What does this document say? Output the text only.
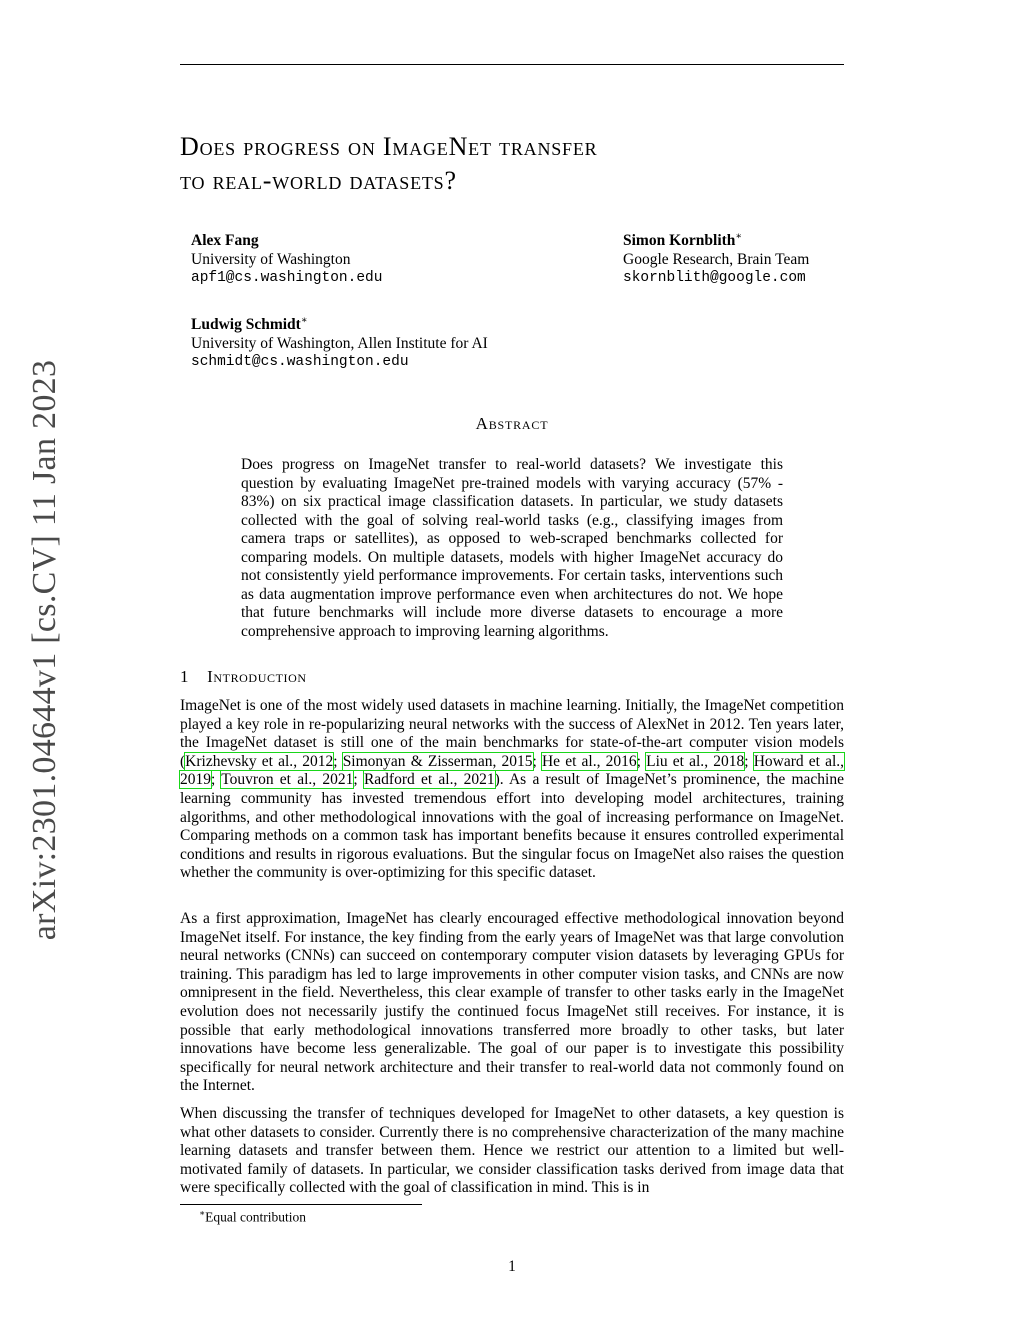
arXiv:2301.04644v1 [cs.CV] 11 Jan 2023
Does progress on ImageNet transfer
to real-world datasets?
Alex Fang
University of Washington
apf1@cs.washington.edu
Simon Kornblith∗
Google Research, Brain Team
skornblith@google.com
Ludwig Schmidt∗
University of Washington, Allen Institute for AI
schmidt@cs.washington.edu
Abstract

Does progress on ImageNet transfer to real-world datasets? We investigate this question by evaluating ImageNet pre-trained models with varying accuracy (57% - 83%) on six practical image classification datasets. In particular, we study datasets collected with the goal of solving real-world tasks (e.g., classifying images from camera traps or satellites), as opposed to web-scraped benchmarks collected for comparing models. On multiple datasets, models with higher ImageNet accuracy do not consistently yield performance improvements. For certain tasks, interventions such as data augmentation improve performance even when architectures do not. We hope that future benchmarks will include more diverse datasets to encourage a more comprehensive approach to improving learning algorithms.

1 Introduction

ImageNet is one of the most widely used datasets in machine learning. Initially, the ImageNet competition played a key role in re-popularizing neural networks with the success of AlexNet in 2012. Ten years later, the ImageNet dataset is still one of the main benchmarks for state-of-the-art computer vision models (Krizhevsky et al., 2012; Simonyan & Zisserman, 2015; He et al., 2016; Liu et al., 2018; Howard et al., 2019; Touvron et al., 2021; Radford et al., 2021). As a result of ImageNet’s prominence, the machine learning community has invested tremendous effort into developing model architectures, training algorithms, and other methodological innovations with the goal of increasing performance on ImageNet. Comparing methods on a common task has important benefits because it ensures controlled experimental conditions and results in rigorous evaluations. But the singular focus on ImageNet also raises the question whether the community is over-optimizing for this specific dataset.

As a first approximation, ImageNet has clearly encouraged effective methodological innovation beyond ImageNet itself. For instance, the key finding from the early years of ImageNet was that large convolution neural networks (CNNs) can succeed on contemporary computer vision datasets by leveraging GPUs for training. This paradigm has led to large improvements in other computer vision tasks, and CNNs are now omnipresent in the field. Nevertheless, this clear example of transfer to other tasks early in the ImageNet evolution does not necessarily justify the continued focus ImageNet still receives. For instance, it is possible that early methodological innovations transferred more broadly to other tasks, but later innovations have become less generalizable. The goal of our paper is to investigate this possibility specifically for neural network architecture and their transfer to real-world data not commonly found on the Internet.

When discussing the transfer of techniques developed for ImageNet to other datasets, a key question is what other datasets to consider. Currently there is no comprehensive characterization of the many machine learning datasets and transfer between them. Hence we restrict our attention to a limited but well-motivated family of datasets. In particular, we consider classification tasks derived from image data that were specifically collected with the goal of classification in mind. This is in

∗Equal contribution
1
